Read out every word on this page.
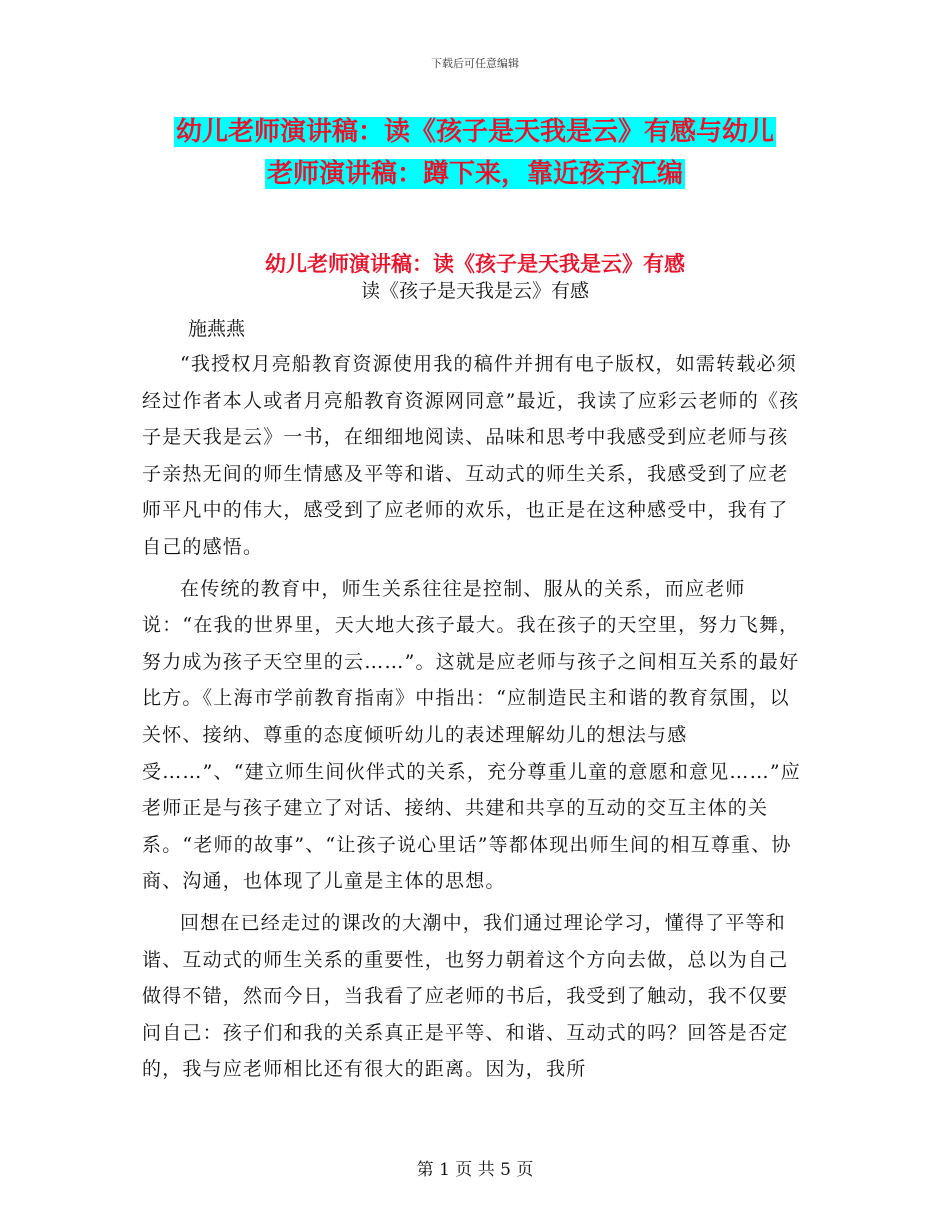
下载后可任意编辑
幼儿老师演讲稿：读《孩子是天我是云》有感与幼儿
老师演讲稿：蹲下来，靠近孩子汇编
幼儿老师演讲稿：读《孩子是天我是云》有感
读《孩子是天我是云》有感
施燕燕

“我授权月亮船教育资源使用我的稿件并拥有电子版权，如需转载必须经过作者本人或者月亮船教育资源网同意”最近，我读了应彩云老师的《孩子是天我是云》一书，在细细地阅读、品味和思考中我感受到应老师与孩子亲热无间的师生情感及平等和谐、互动式的师生关系，我感受到了应老师平凡中的伟大，感受到了应老师的欢乐，也正是在这种感受中，我有了自己的感悟。

在传统的教育中，师生关系往往是控制、服从的关系，而应老师说：“在我的世界里，天大地大孩子最大。我在孩子的天空里，努力飞舞，努力成为孩子天空里的云……”。这就是应老师与孩子之间相互关系的最好比方。《上海市学前教育指南》中指出：“应制造民主和谐的教育氛围，以关怀、接纳、尊重的态度倾听幼儿的表述理解幼儿的想法与感受……”、“建立师生间伙伴式的关系，充分尊重儿童的意愿和意见……”应老师正是与孩子建立了对话、接纳、共建和共享的互动的交互主体的关系。“老师的故事”、“让孩子说心里话”等都体现出师生间的相互尊重、协商、沟通，也体现了儿童是主体的思想。

回想在已经走过的课改的大潮中，我们通过理论学习，懂得了平等和谐、互动式的师生关系的重要性，也努力朝着这个方向去做，总以为自己做得不错，然而今日，当我看了应老师的书后，我受到了触动，我不仅要问自己：孩子们和我的关系真正是平等、和谐、互动式的吗？回答是否定的，我与应老师相比还有很大的距离。因为，我所

第 1 页 共 5 页
